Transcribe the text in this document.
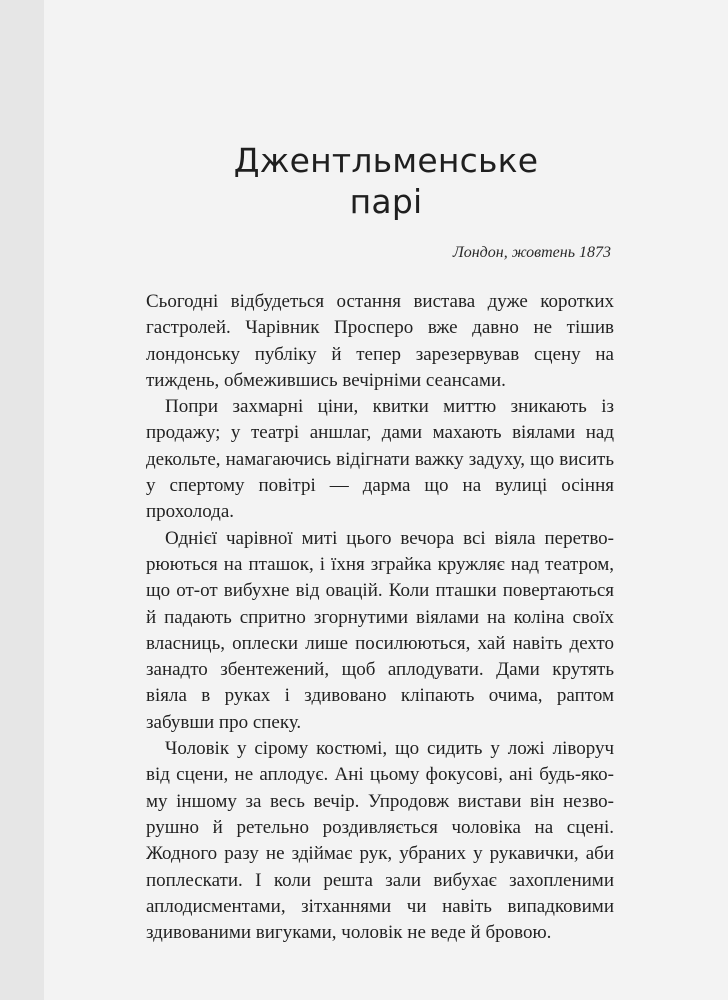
Джентльменське
парі

Лондон, жовтень 1873

Сьогодні відбудеться остання вистава дуже коротких гастролей. Чарівник Просперо вже давно не тішив лондонську публіку й тепер зарезервував сцену на тиждень, обмежившись вечірніми сеансами.

Попри захмарні ціни, квитки миттю зникають із продажу; у театрі аншлаг, дами махають віялами над декольте, намагаючись відігнати важку задуху, що висить у спертому повітрі — дарма що на вулиці осіння прохолода.

Однієї чарівної миті цього вечора всі віяла перетворюються на пташок, і їхня зграйка кружляє над театром, що от-от вибухне від овацій. Коли пташки повертаються й падають спритно згорнутими віялами на коліна своїх власниць, оплески лише посилюються, хай навіть дехто занадто збентежений, щоб аплодувати. Дами крутять віяла в руках і здивовано кліпають очима, раптом забувши про спеку.

Чоловік у сірому костюмі, що сидить у ложі ліворуч від сцени, не аплодує. Ані цьому фокусові, ані будь-якому іншому за весь вечір. Упродовж вистави він незворушно й ретельно роздивляється чоловіка на сцені. Жодного разу не здіймає рук, убраних у рукавички, аби поплескати. І коли решта зали вибухає захопленими аплодисментами, зітханнями чи навіть випадковими здивованими вигуками, чоловік не веде й бровою.
